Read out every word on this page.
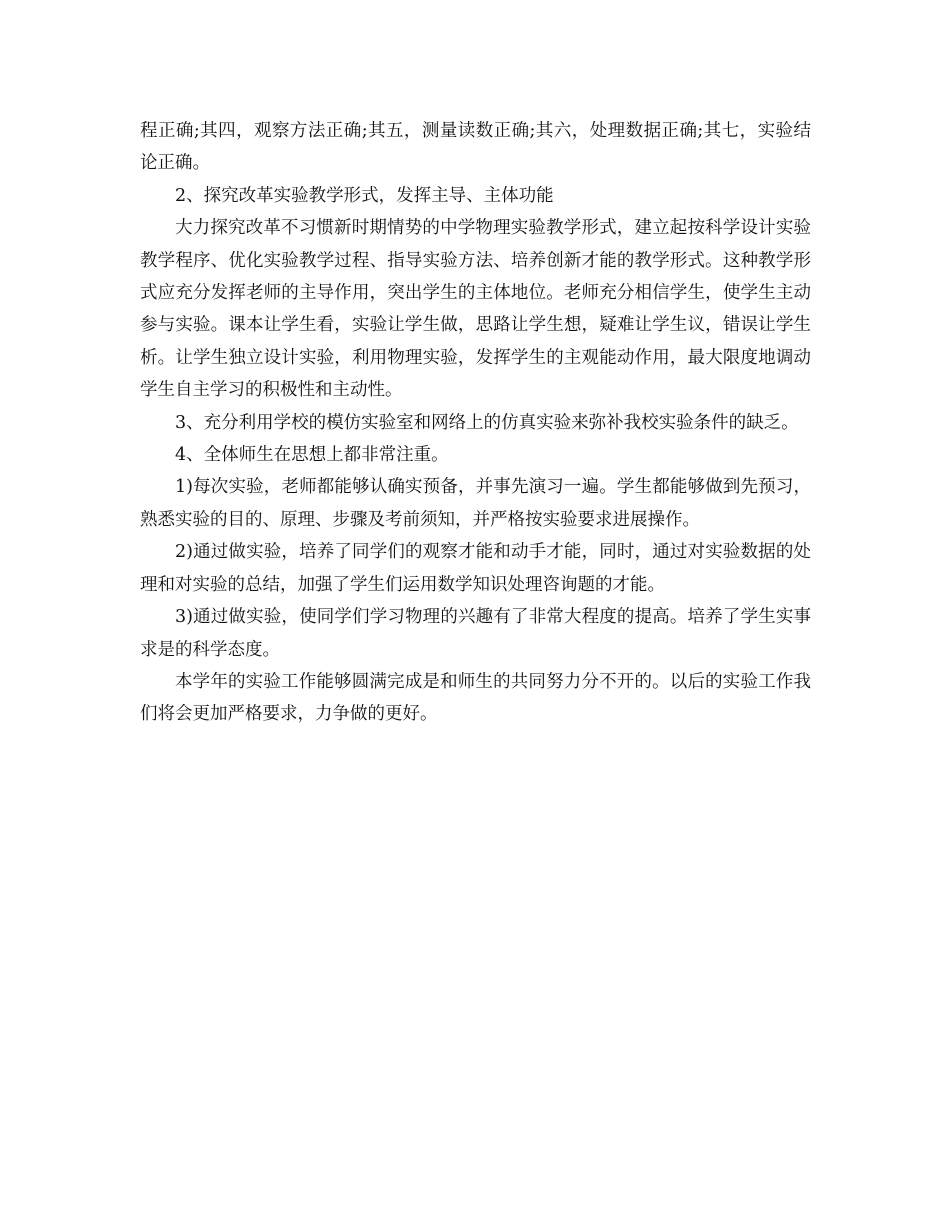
程正确;其四，观察方法正确;其五，测量读数正确;其六，处理数据正确;其七，实验结论正确。

2、探究改革实验教学形式，发挥主导、主体功能

大力探究改革不习惯新时期情势的中学物理实验教学形式，建立起按科学设计实验教学程序、优化实验教学过程、指导实验方法、培养创新才能的教学形式。这种教学形式应充分发挥老师的主导作用，突出学生的主体地位。老师充分相信学生，使学生主动参与实验。课本让学生看，实验让学生做，思路让学生想，疑难让学生议，错误让学生析。让学生独立设计实验，利用物理实验，发挥学生的主观能动作用，最大限度地调动学生自主学习的积极性和主动性。

3、充分利用学校的模仿实验室和网络上的仿真实验来弥补我校实验条件的缺乏。

4、全体师生在思想上都非常注重。

1)每次实验，老师都能够认确实预备，并事先演习一遍。学生都能够做到先预习，熟悉实验的目的、原理、步骤及考前须知，并严格按实验要求进展操作。

2)通过做实验，培养了同学们的观察才能和动手才能，同时，通过对实验数据的处理和对实验的总结，加强了学生们运用数学知识处理咨询题的才能。

3)通过做实验，使同学们学习物理的兴趣有了非常大程度的提高。培养了学生实事求是的科学态度。

本学年的实验工作能够圆满完成是和师生的共同努力分不开的。以后的实验工作我们将会更加严格要求，力争做的更好。
